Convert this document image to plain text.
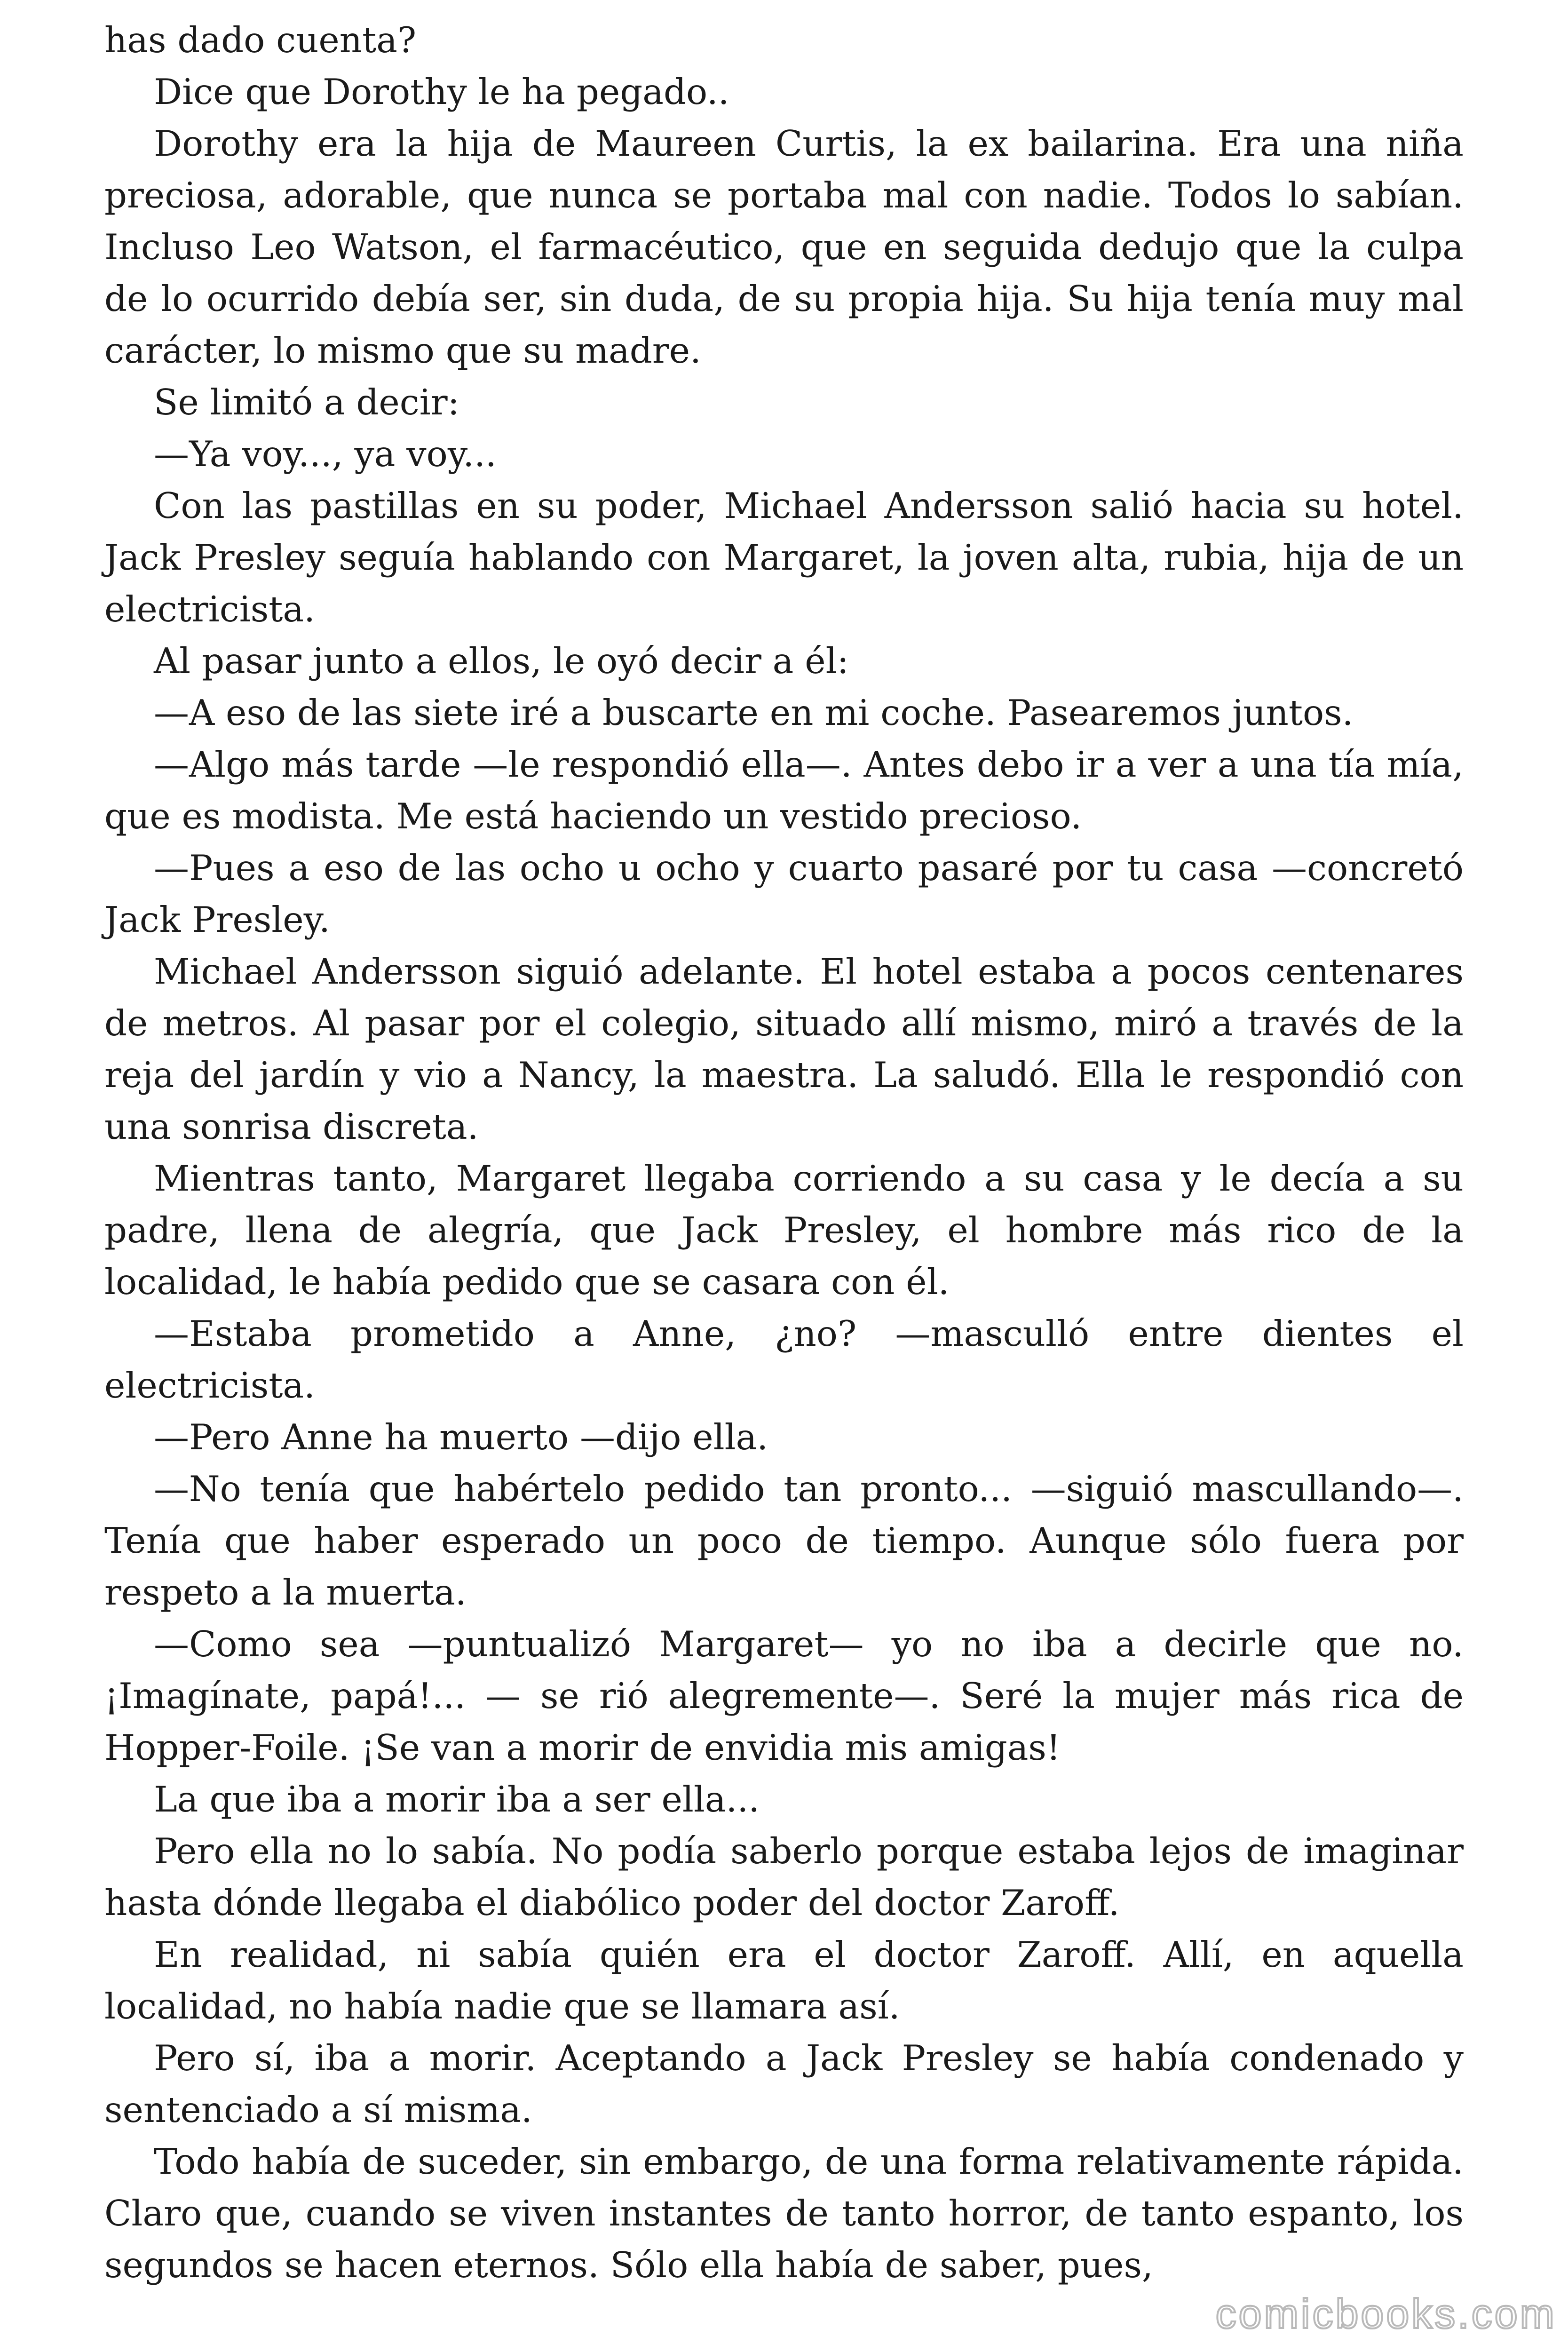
has dado cuenta?

Dice que Dorothy le ha pegado..

Dorothy era la hija de Maureen Curtis, la ex bailarina. Era una niña preciosa, adorable, que nunca se portaba mal con nadie. Todos lo sabían. Incluso Leo Watson, el farmacéutico, que en seguida dedujo que la culpa de lo ocurrido debía ser, sin duda, de su propia hija. Su hija tenía muy mal carácter, lo mismo que su madre.

Se limitó a decir:

—Ya voy..., ya voy...

Con las pastillas en su poder, Michael Andersson salió hacia su hotel. Jack Presley seguía hablando con Margaret, la joven alta, rubia, hija de un electricista.

Al pasar junto a ellos, le oyó decir a él:

—A eso de las siete iré a buscarte en mi coche. Pasearemos juntos.

—Algo más tarde —le respondió ella—. Antes debo ir a ver a una tía mía, que es modista. Me está haciendo un vestido precioso.

—Pues a eso de las ocho u ocho y cuarto pasaré por tu casa —concretó Jack Presley.

Michael Andersson siguió adelante. El hotel estaba a pocos centenares de metros. Al pasar por el colegio, situado allí mismo, miró a través de la reja del jardín y vio a Nancy, la maestra. La saludó. Ella le respondió con una sonrisa discreta.

Mientras tanto, Margaret llegaba corriendo a su casa y le decía a su padre, llena de alegría, que Jack Presley, el hombre más rico de la localidad, le había pedido que se casara con él.

—Estaba prometido a Anne, ¿no? —masculló entre dientes el electricista.

—Pero Anne ha muerto —dijo ella.

—No tenía que habértelo pedido tan pronto... —siguió mascullando—. Tenía que haber esperado un poco de tiempo. Aunque sólo fuera por respeto a la muerta.

—Como sea —puntualizó Margaret— yo no iba a decirle que no. ¡Imagínate, papá!... — se rió alegremente—. Seré la mujer más rica de Hopper-Foile. ¡Se van a morir de envidia mis amigas!

La que iba a morir iba a ser ella...

Pero ella no lo sabía. No podía saberlo porque estaba lejos de imaginar hasta dónde llegaba el diabólico poder del doctor Zaroff.

En realidad, ni sabía quién era el doctor Zaroff. Allí, en aquella localidad, no había nadie que se llamara así.

Pero sí, iba a morir. Aceptando a Jack Presley se había condenado y sentenciado a sí misma.

Todo había de suceder, sin embargo, de una forma relativamente rápida. Claro que, cuando se viven instantes de tanto horror, de tanto espanto, los segundos se hacen eternos. Sólo ella había de saber, pues,

comicbooks.com
